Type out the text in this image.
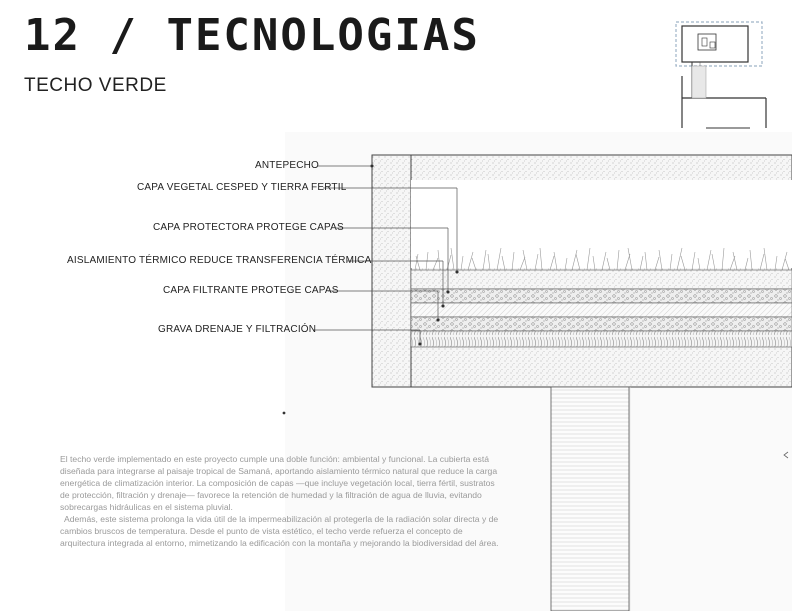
12 / TECNOLOGIAS
TECHO VERDE
ANTEPECHO
CAPA VEGETAL CESPED Y TIERRA FERTIL
CAPA PROTECTORA PROTEGE CAPAS
AISLAMIENTO TÉRMICO REDUCE TRANSFERENCIA TÉRMICA
CAPA FILTRANTE PROTEGE CAPAS
GRAVA DRENAJE Y FILTRACIÓN

El techo verde implementado en este proyecto cumple una doble función: ambiental y funcional. La cubierta está diseñada para integrarse al paisaje tropical de Samaná, aportando aislamiento térmico natural que reduce la carga energética de climatización interior. La composición de capas —que incluye vegetación local, tierra fértil, sustratos de protección, filtración y drenaje— favorece la retención de humedad y la filtración de agua de lluvia, evitando sobrecargas hidráulicas en el sistema pluvial.

Además, este sistema prolonga la vida útil de la impermeabilización al protegerla de la radiación solar directa y de cambios bruscos de temperatura. Desde el punto de vista estético, el techo verde refuerza el concepto de arquitectura integrada al entorno, mimetizando la edificación con la montaña y mejorando la biodiversidad del área.
